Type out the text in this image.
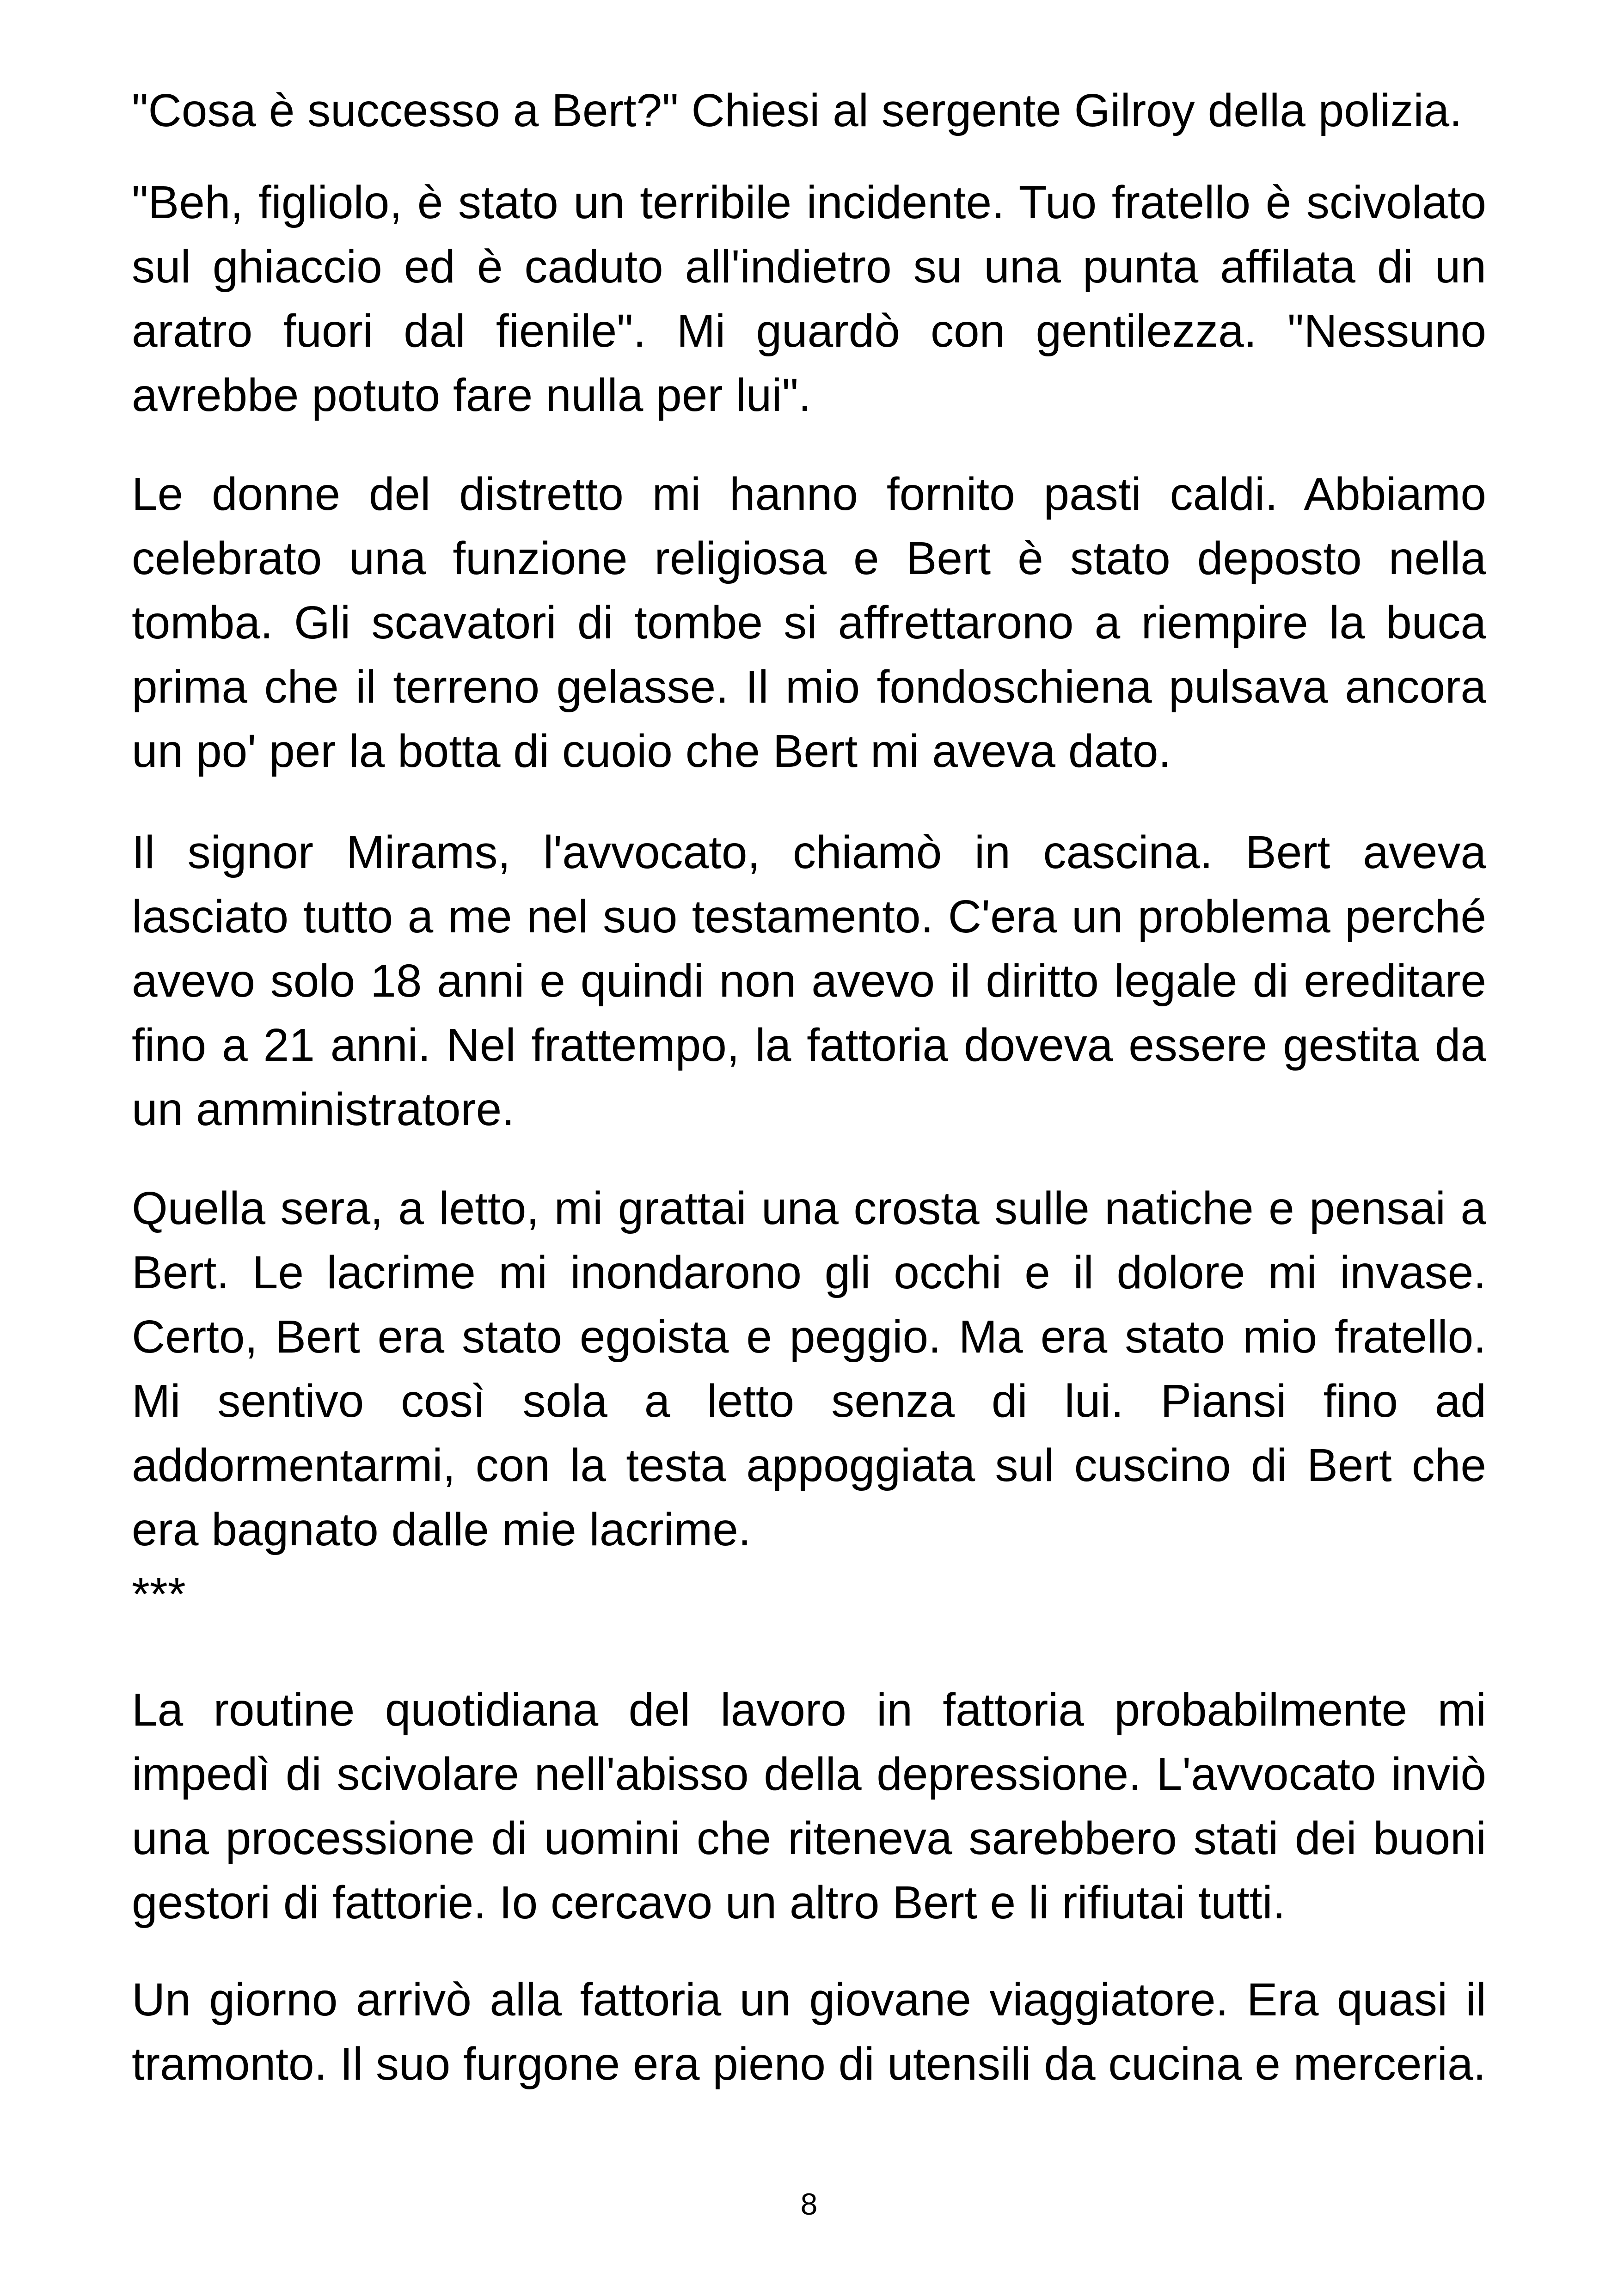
"Cosa è successo a Bert?" Chiesi al sergente Gilroy della polizia.

"Beh, figliolo, è stato un terribile incidente. Tuo fratello è scivolato sul ghiaccio ed è caduto all'indietro su una punta affilata di un aratro fuori dal fienile". Mi guardò con gentilezza. "Nessuno avrebbe potuto fare nulla per lui".

Le donne del distretto mi hanno fornito pasti caldi. Abbiamo celebrato una funzione religiosa e Bert è stato deposto nella tomba. Gli scavatori di tombe si affrettarono a riempire la buca prima che il terreno gelasse. Il mio fondoschiena pulsava ancora un po' per la botta di cuoio che Bert mi aveva dato.

Il signor Mirams, l'avvocato, chiamò in cascina. Bert aveva lasciato tutto a me nel suo testamento. C'era un problema perché avevo solo 18 anni e quindi non avevo il diritto legale di ereditare fino a 21 anni. Nel frattempo, la fattoria doveva essere gestita da un amministratore.

Quella sera, a letto, mi grattai una crosta sulle natiche e pensai a Bert. Le lacrime mi inondarono gli occhi e il dolore mi invase. Certo, Bert era stato egoista e peggio. Ma era stato mio fratello. Mi sentivo così sola a letto senza di lui. Piansi fino ad addormentarmi, con la testa appoggiata sul cuscino di Bert che era bagnato dalle mie lacrime.

***

La routine quotidiana del lavoro in fattoria probabilmente mi impedì di scivolare nell'abisso della depressione. L'avvocato inviò una processione di uomini che riteneva sarebbero stati dei buoni gestori di fattorie. Io cercavo un altro Bert e li rifiutai tutti.

Un giorno arrivò alla fattoria un giovane viaggiatore. Era quasi il tramonto. Il suo furgone era pieno di utensili da cucina e merceria.

8
